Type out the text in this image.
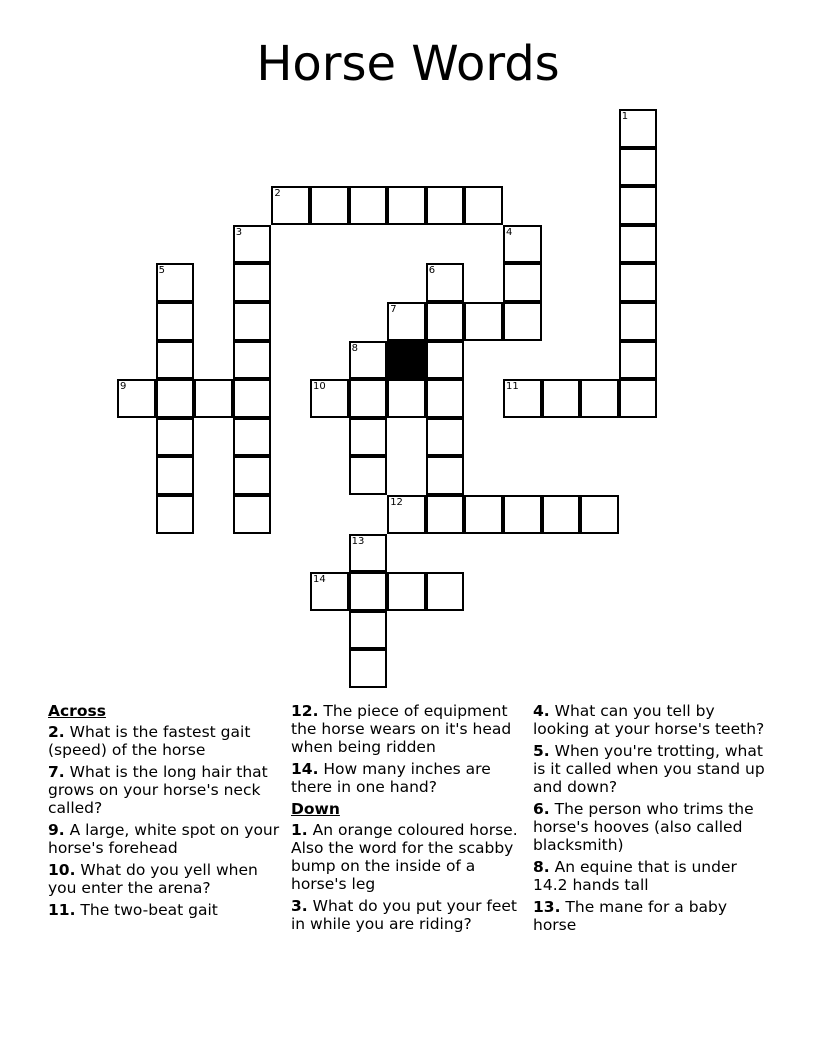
Horse Words
1
2
3	4
5	6
7
8
9	10	11
12
13
14
Across
2. What is the fastest gait (speed) of the horse
7. What is the long hair that grows on your horse's neck called?
9. A large, white spot on your horse's forehead
10. What do you yell when you enter the arena?
11. The two-beat gait
12. The piece of equipment the horse wears on it's head when being ridden
14. How many inches are there in one hand?
Down
1. An orange coloured horse. Also the word for the scabby bump on the inside of a horse's leg
3. What do you put your feet in while you are riding?
4. What can you tell by looking at your horse's teeth?
5. When you're trotting, what is it called when you stand up and down?
6. The person who trims the horse's hooves (also called blacksmith)
8. An equine that is under 14.2 hands tall
13. The mane for a baby horse
